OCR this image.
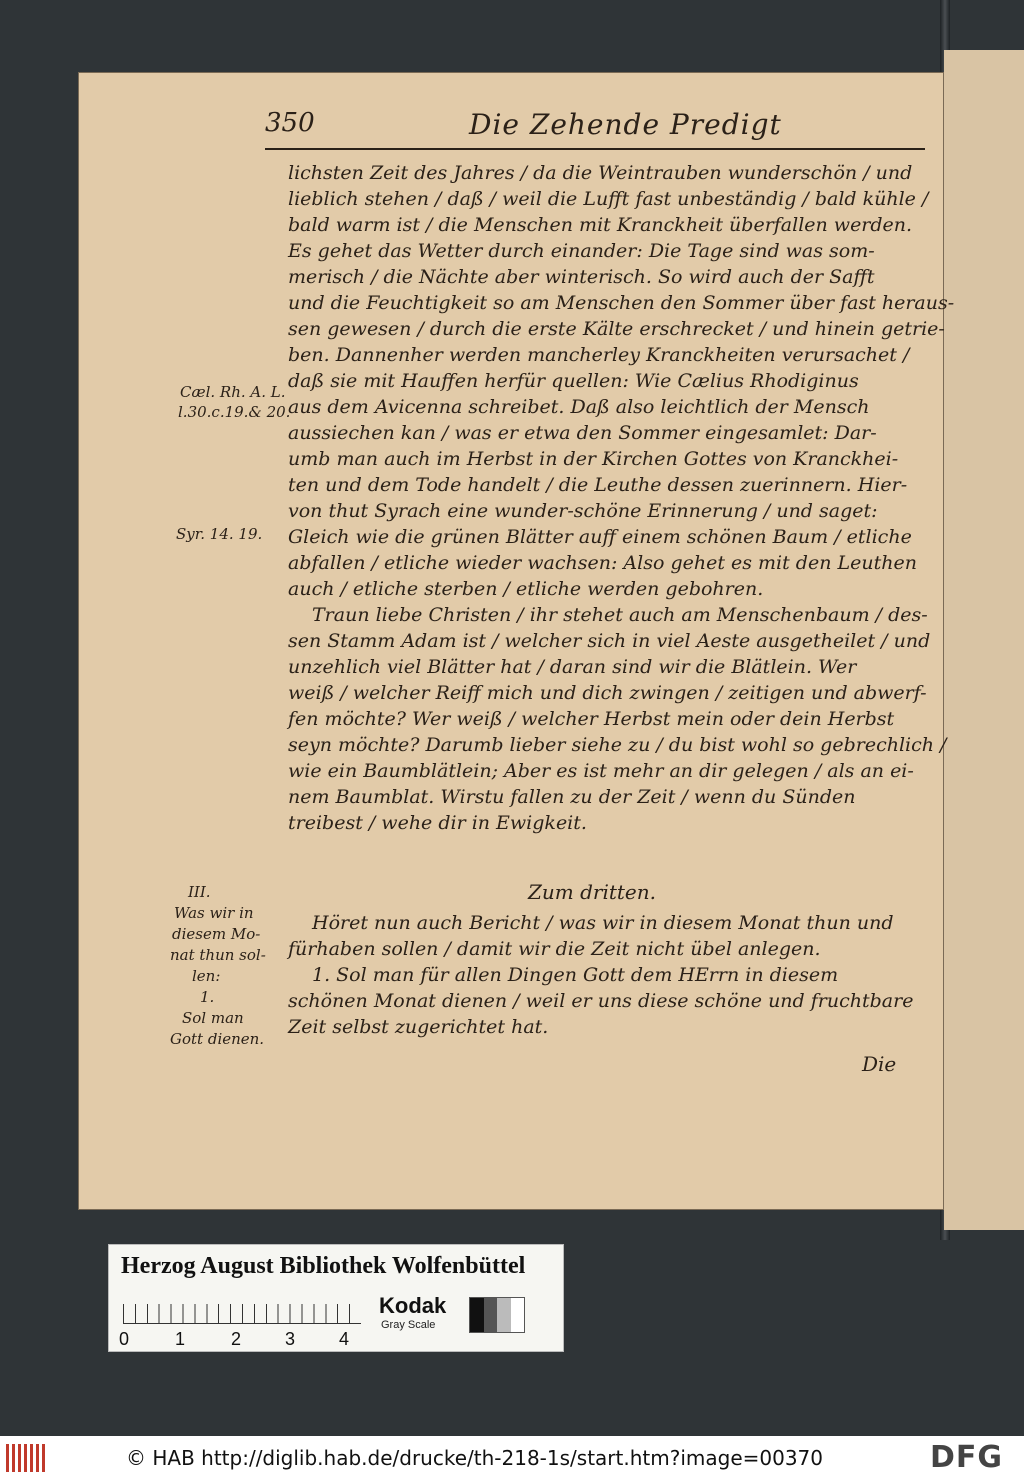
350	Die Zehende Predigt
lichsten Zeit des Jahres / da die Weintrauben wunderschön / und
lieblich stehen / daß / weil die Lufft fast unbeständig / bald kühle /
bald warm ist / die Menschen mit Kranckheit überfallen werden.
Es gehet das Wetter durch einander: Die Tage sind was som-
merisch / die Nächte aber winterisch. So wird auch der Safft
und die Feuchtigkeit so am Menschen den Sommer über fast heraus-
sen gewesen / durch die erste Kälte erschrecket / und hinein getrie-
ben. Dannenher werden mancherley Kranckheiten verursachet /
daß sie mit Hauffen herfür quellen: Wie Cælius Rhodiginus
aus dem Avicenna schreibet. Daß also leichtlich der Mensch
aussiechen kan / was er etwa den Sommer eingesamlet: Dar-
umb man auch im Herbst in der Kirchen Gottes von Kranckhei-
ten und dem Tode handelt / die Leuthe dessen zuerinnern. Hier-
von thut Syrach eine wunder-schöne Erinnerung / und saget:
Gleich wie die grünen Blätter auff einem schönen Baum / etliche
abfallen / etliche wieder wachsen: Also gehet es mit den Leuthen
auch / etliche sterben / etliche werden gebohren.
Traun liebe Christen / ihr stehet auch am Menschenbaum / des-
sen Stamm Adam ist / welcher sich in viel Aeste ausgetheilet / und
unzehlich viel Blätter hat / daran sind wir die Blätlein. Wer
weiß / welcher Reiff mich und dich zwingen / zeitigen und abwerf-
fen möchte? Wer weiß / welcher Herbst mein oder dein Herbst
seyn möchte? Darumb lieber siehe zu / du bist wohl so gebrechlich /
wie ein Baumblätlein; Aber es ist mehr an dir gelegen / als an ei-
nem Baumblat. Wirstu fallen zu der Zeit / wenn du Sünden
treibest / wehe dir in Ewigkeit.
Zum dritten.
Höret nun auch Bericht / was wir in diesem Monat thun und
fürhaben sollen / damit wir die Zeit nicht übel anlegen.
1. Sol man für allen Dingen Gott dem HErrn in diesem
schönen Monat dienen / weil er uns diese schöne und fruchtbare
Zeit selbst zugerichtet hat.
Cæl. Rh. A. L.
l.30.c.19.& 20.
Syr. 14. 19.
III.
Was wir in
diesem Mo-
nat thun sol-
len:
1.
Sol man
Gott dienen.
Die
Herzog August Bibliothek Wolfenbüttel
0	1	2 3 4
Kodak
Gray Scale
© HAB http://diglib.hab.de/drucke/th-218-1s/start.htm?image=00370	DFG
